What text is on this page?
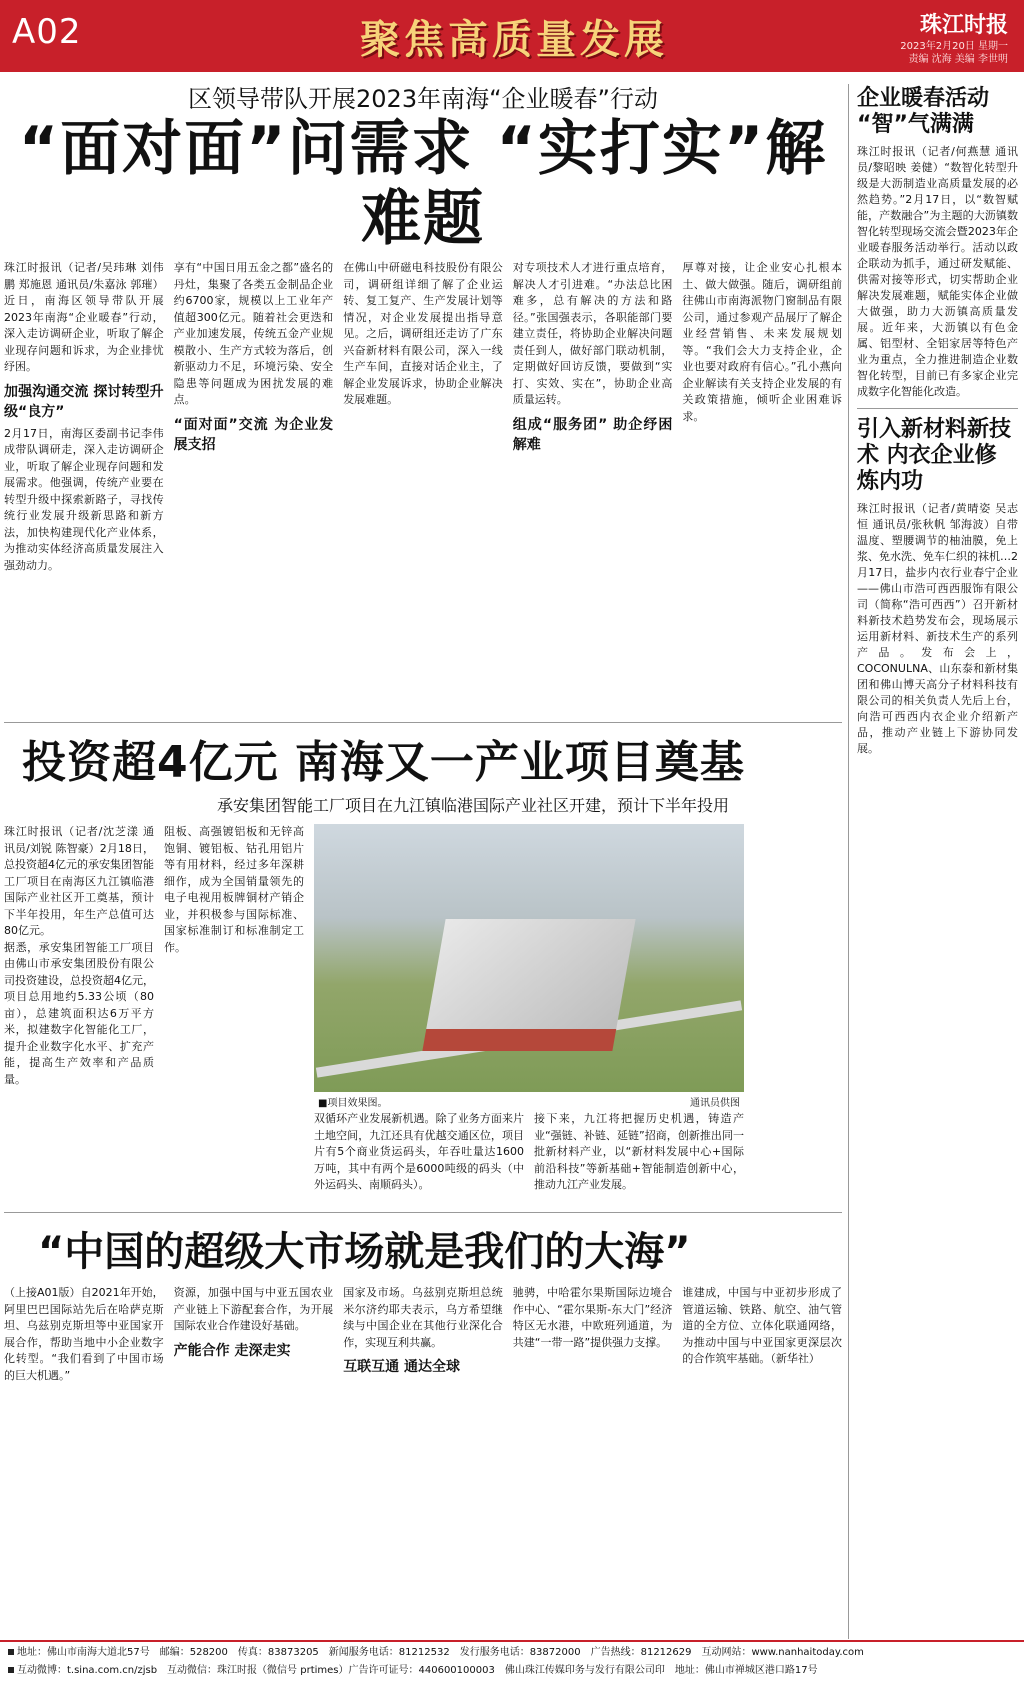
A02	聚焦高质量发展	珠江时报
2023年2月20日 星期一
责编 沈海 美编 李世明
区领导带队开展2023年南海“企业暖春”行动
“面对面”问需求 “实打实”解难题
珠江时报讯（记者/吴玮琳 刘伟鹏 郑施恩 通讯员/朱嘉泳 郭璀）近日，南海区领导带队开展2023年南海“企业暖春”行动，深入走访调研企业，听取了解企业现存问题和诉求，为企业排忧纾困。
加强沟通交流 探讨转型升级“良方”
2月17日，南海区委副书记李伟成带队调研走，深入走访调研企业，听取了解企业现存问题和发展需求。他强调，传统产业要在转型升级中探索新路子，寻找传统行业发展升级新思路和新方法，加快构建现代化产业体系，为推动实体经济高质量发展注入强劲动力。
享有“中国日用五金之都”盛名的丹灶，集聚了各类五金制品企业约6700家，规模以上工业年产值超300亿元。随着社会更迭和产业加速发展，传统五金产业规模散小、生产方式较为落后，创新驱动力不足，环境污染、安全隐患等问题成为困扰发展的难点。
“面对面”交流 为企业发展支招
在佛山中研磁电科技股份有限公司，调研组详细了解了企业运转、复工复产、生产发展计划等情况，对企业发展提出指导意见。之后，调研组还走访了广东兴奋新材料有限公司，深入一线生产车间，直接对话企业主，了解企业发展诉求，协助企业解决发展难题。
对专项技术人才进行重点培育，解决人才引进难。“办法总比困难多，总有解决的方法和路径。”张国强表示，各职能部门要建立责任，将协助企业解决问题责任到人，做好部门联动机制，定期做好回访反馈，要做到“实打、实效、实在”，协助企业高质量运转。
组成“服务团” 助企纾困解难
厚尊对接，让企业安心扎根本土、做大做强。随后，调研组前往佛山市南海派物门窗制品有限公司，通过参观产品展厅了解企业经营销售、未来发展规划等。“我们会大力支持企业，企业也要对政府有信心。”孔小燕向企业解读有关支持企业发展的有关政策措施，倾听企业困难诉求。
投资超4亿元 南海又一产业项目奠基
承安集团智能工厂项目在九江镇临港国际产业社区开建，预计下半年投用
珠江时报讯（记者/沈芝漾 通讯员/刘锐 陈智豪）2月18日，总投资超4亿元的承安集团智能工厂项目在南海区九江镇临港国际产业社区开工奠基，预计下半年投用，年生产总值可达80亿元。
据悉，承安集团智能工厂项目由佛山市承安集团股份有限公司投资建设，总投资超4亿元，项目总用地约5.33公顷（80亩），总建筑面积达6万平方米，拟建数字化智能化工厂，提升企业数字化水平、扩充产能，提高生产效率和产品质量。
阻板、高强镀铝板和无锌高饱铜、镀铝板、钴孔用铝片等有用材料，经过多年深耕细作，成为全国销量领先的电子电视用板牌铜材产销企业，并积极参与国际标准、国家标准制订和标准制定工作。
■项目效果图。	通讯员供图
双循环产业发展新机遇。除了业务方面来片土地空间，九江还具有优越交通区位，项目片有5个商业货运码头，年吞吐量达1600万吨，其中有两个是6000吨级的码头（中外运码头、南顺码头）。
接下来，九江将把握历史机遇，铸造产业“强链、补链、延链”招商，创新推出同一批新材料产业，以“新材料发展中心+国际前沿科技”等新基础+智能制造创新中心，推动九江产业发展。
“中国的超级大市场就是我们的大海”
（上接A01版）自2021年开始，阿里巴巴国际站先后在哈萨克斯坦、乌兹别克斯坦等中亚国家开展合作，帮助当地中小企业数字化转型。“我们看到了中国市场的巨大机遇。”
资源，加强中国与中亚五国农业产业链上下游配套合作，为开展国际农业合作建设好基础。
产能合作 走深走实
国家及市场。乌兹别克斯坦总统米尔济约耶夫表示，乌方希望继续与中国企业在其他行业深化合作，实现互利共赢。
互联互通 通达全球
驰骋，中哈霍尔果斯国际边境合作中心、“霍尔果斯-东大门”经济特区无水港，中欧班列通道，为共建“一带一路”提供强力支撑。
谁建成，中国与中亚初步形成了管道运输、铁路、航空、油气管道的全方位、立体化联通网络，为推动中国与中亚国家更深层次的合作筑牢基础。（新华社）
企业暖春活动 “智”气满满
珠江时报讯（记者/何燕慧 通讯员/黎昭映 姜健）“数智化转型升级是大沥制造业高质量发展的必然趋势。”2月17日，以“数智赋能，产数融合”为主题的大沥镇数智化转型现场交流会暨2023年企业暖春服务活动举行。活动以政企联动为抓手，通过研发赋能、供需对接等形式，切实帮助企业解决发展难题，赋能实体企业做大做强，助力大沥镇高质量发展。近年来，大沥镇以有色金属、铝型材、全铝家居等特色产业为重点，全力推进制造企业数智化转型，目前已有多家企业完成数字化智能化改造。
引入新材料新技术 内衣企业修炼内功
珠江时报讯（记者/黄晴姿 吴志恒 通讯员/张秋帆 邹海波）自带温度、塑腰调节的柚油膜，免上浆、免水洗、免车仁织的袜机…2月17日，盐步内衣行业春宁企业——佛山市浩可西西服饰有限公司（简称“浩可西西”）召开新材料新技术趋势发布会，现场展示运用新材料、新技术生产的系列产品。发布会上，COCONULNA、山东泰和新材集团和佛山博天高分子材料科技有限公司的相关负责人先后上台，向浩可西西内衣企业介绍新产品，推动产业链上下游协同发展。
地址：佛山市南海大道北57号　邮编：528200　传真：83873205　新闻服务电话：81212532　发行服务电话：83872000　广告热线：81212629　互动网站：www.nanhaitoday.com
互动微博：t.sina.com.cn/zjsb　互动微信：珠江时报（微信号 prtimes）广告许可证号：440600100003　佛山珠江传媒印务与发行有限公司印　地址：佛山市禅城区港口路17号
